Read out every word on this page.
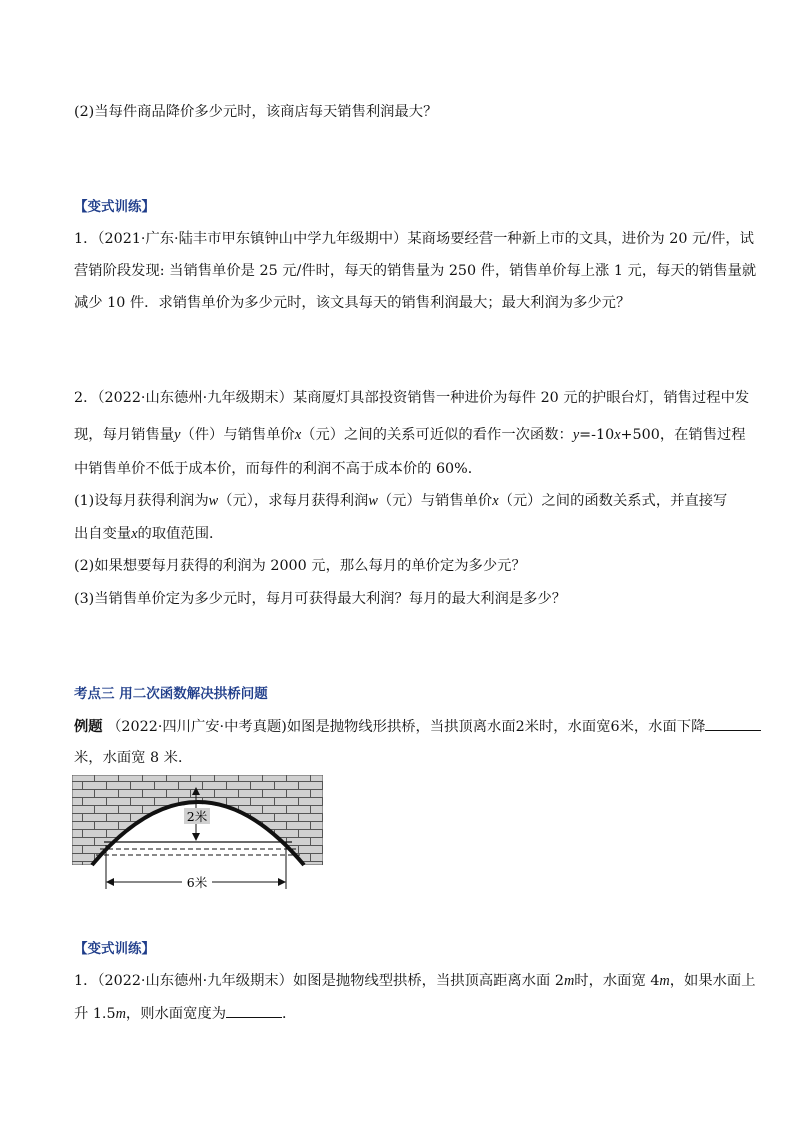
(2)当每件商品降价多少元时，该商店每天销售利润最大？
【变式训练】
1．（2021·广东·陆丰市甲东镇钟山中学九年级期中）某商场要经营一种新上市的文具，进价为 20 元/件，试
营销阶段发现: 当销售单价是 25 元/件时，每天的销售量为 250 件，销售单价每上涨 1 元，每天的销售量就
减少 10 件．求销售单价为多少元时，该文具每天的销售利润最大；最大利润为多少元？
2．（2022·山东德州·九年级期末）某商厦灯具部投资销售一种进价为每件 20 元的护眼台灯，销售过程中发
现，每月销售量y（件）与销售单价x（元）之间的关系可近似的看作一次函数：y=-10x+500，在销售过程
中销售单价不低于成本价，而每件的利润不高于成本价的 60%．
(1)设每月获得利润为w（元），求每月获得利润w（元）与销售单价x（元）之间的函数关系式，并直接写
出自变量x的取值范围．
(2)如果想要每月获得的利润为 2000 元，那么每月的单价定为多少元？
(3)当销售单价定为多少元时，每月可获得最大利润？每月的最大利润是多少？
考点三 用二次函数解决拱桥问题
例题 （2022·四川广安·中考真题)如图是抛物线形拱桥，当拱顶离水面2米时，水面宽6米，水面下降
米，水面宽 8 米．
2米
6米
【变式训练】
1．（2022·山东德州·九年级期末）如图是抛物线型拱桥，当拱顶高距离水面 2m时，水面宽 4m，如果水面上
升 1.5m，则水面宽度为	．
